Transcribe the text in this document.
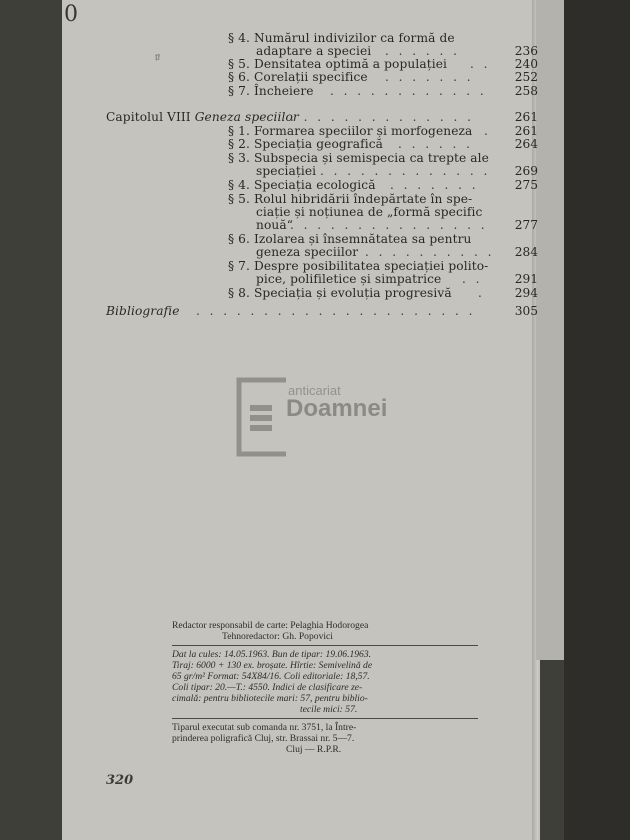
0
ﾛ
§ 4. Numărul indivizilor ca formă de
adaptare a speciei . . . . . .	236
§ 5. Densitatea optimă a populației . .	240
§ 6. Corelații specifice . . . . . . .	252
§ 7. Încheiere . . . . . . . . . . . .	258
Capitolul VIII Geneza speciilor
. . . . . . . . . . . . . .	261
§ 1. Formarea speciilor și morfogeneza .	261
§ 2. Speciația geografică . . . . . .	264
§ 3. Subspecia și semispecia ca trepte ale
speciației . . . . . . . . . . . . .	269
§ 4. Speciația ecologică . . . . . . .	275
§ 5. Rolul hibridării îndepărtate în spe-
ciație și noțiunea de „formă specific
nouă“
. . . . . . . . . . . . . . .	277
§ 6. Izolarea și însemnătatea sa pentru
geneza speciilor . . . . . . . . . .	284
§ 7. Despre posibilitatea speciației polito-
pice, polifiletice și simpatrice . .	291
§ 8. Speciația și evoluția progresivă .	294
Bibliografie . . . . . . . . . . . . . . . . . . . . .	305
anticariat
Doamnei
Redactor responsabil de carte: Pelaghia Hodorogea
Tehnoredactor: Gh. Popovici
Dat la cules: 14.05.1963. Bun de tipar: 19.06.1963.
Tiraj: 6000 + 130 ex. broșate. Hîrtie: Semivelină de
65 gr/m² Format: 54X84/16. Coli editoriale: 18,57.
Coli tipar: 20.—T.: 4550. Indici de clasificare ze-
cimală: pentru bibliotecile mari: 57, pentru biblio-
tecile mici: 57.
Tiparul executat sub comanda nr. 3751, la Între-
prinderea poligrafică Cluj, str. Brassai nr. 5—7.
Cluj — R.P.R.
320
